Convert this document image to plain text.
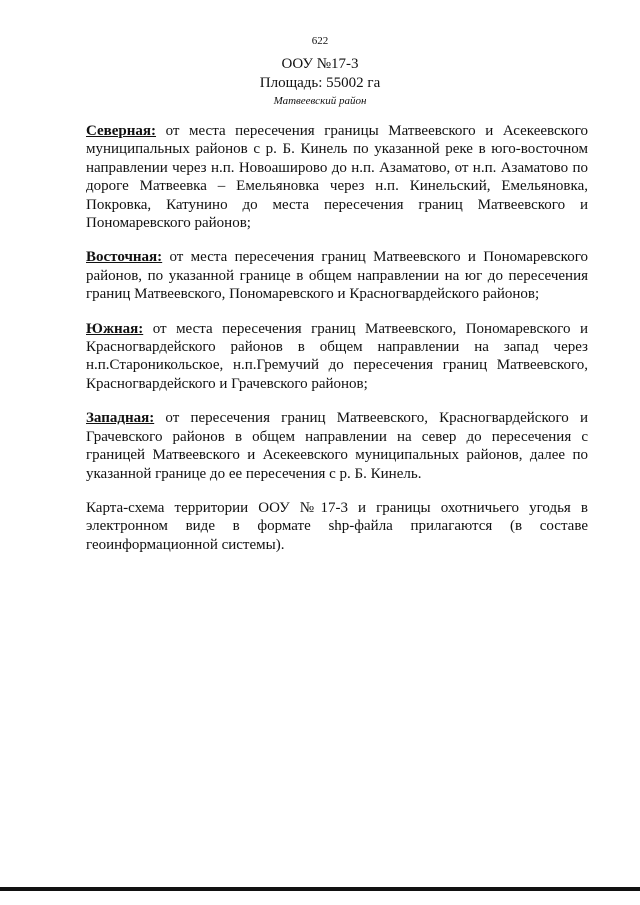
622
ООУ №17-3
Площадь: 55002 га
Матвеевский район

Северная: от места пересечения границы Матвеевского и Асекеевского муниципальных районов с р. Б. Кинель по указанной реке в юго-восточном направлении через н.п. Новоаширово до н.п. Азаматово, от н.п. Азаматово по дороге Матвеевка – Емельяновка через н.п. Кинельский, Емельяновка, Покровка, Катунино до места пересечения границ Матвеевского и Пономаревского районов;

Восточная: от места пересечения границ Матвеевского и Пономаревского районов, по указанной границе в общем направлении на юг до пересечения границ Матвеевского, Пономаревского и Красногвардейского районов;

Южная: от места пересечения границ Матвеевского, Пономаревского и Красногвардейского районов в общем направлении на запад через н.п.Староникольское, н.п.Гремучий до пересечения границ Матвеевского, Красногвардейского и Грачевского районов;

Западная: от пересечения границ Матвеевского, Красногвардейского и Грачевского районов в общем направлении на север до пересечения с границей Матвеевского и Асекеевского муниципальных районов, далее по указанной границе до ее пересечения с р. Б. Кинель.

Карта-схема территории ООУ №17-3 и границы охотничьего угодья в электронном виде в формате shp-файла прилагаются (в составе геоинформационной системы).
